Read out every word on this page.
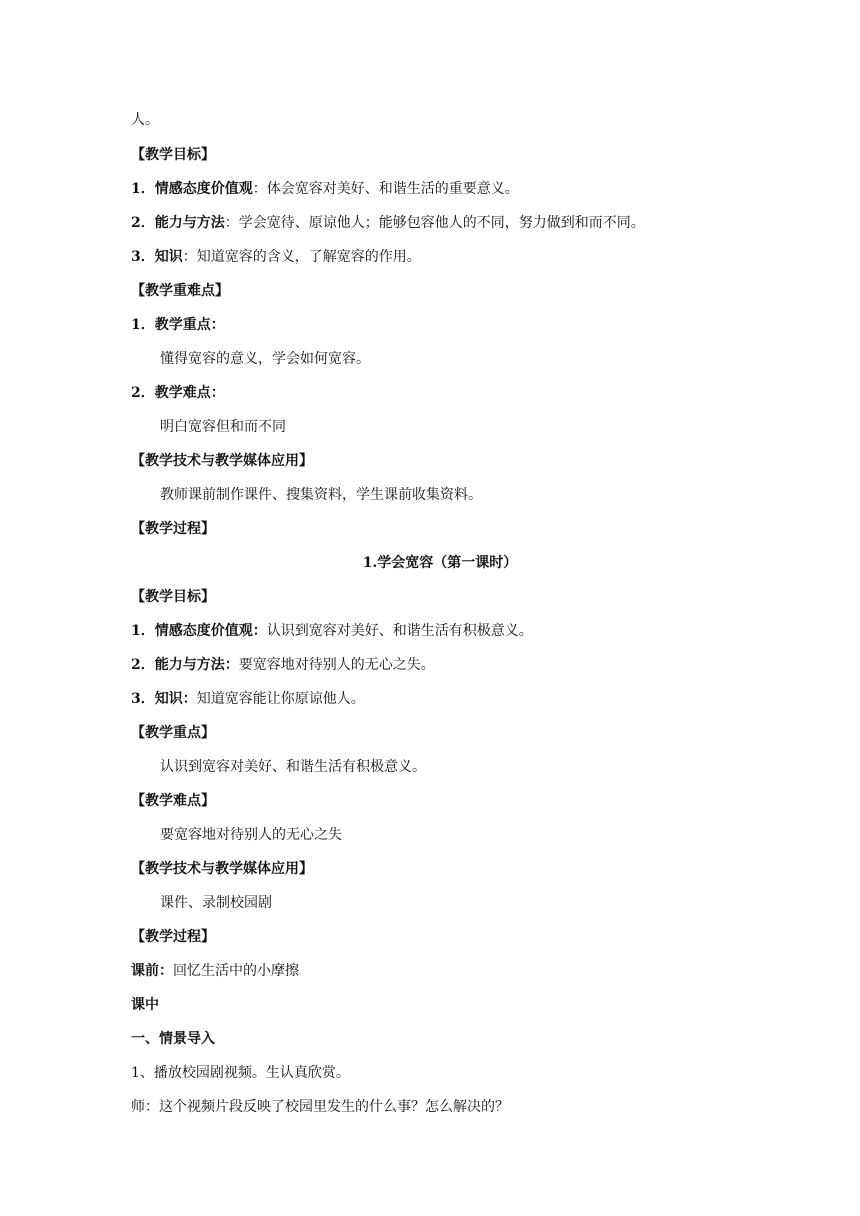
人。
【教学目标】
1．情感态度价值观：体会宽容对美好、和谐生活的重要意义。
2．能力与方法：学会宽待、原谅他人；能够包容他人的不同，努力做到和而不同。
3．知识：知道宽容的含义，了解宽容的作用。
【教学重难点】
1．教学重点：
懂得宽容的意义，学会如何宽容。
2．教学难点：
明白宽容但和而不同
【教学技术与教学媒体应用】
教师课前制作课件、搜集资料，学生课前收集资料。
【教学过程】
1.学会宽容（第一课时）
【教学目标】
1．情感态度价值观：认识到宽容对美好、和谐生活有积极意义。
2．能力与方法：要宽容地对待别人的无心之失。
3．知识：知道宽容能让你原谅他人。
【教学重点】
认识到宽容对美好、和谐生活有积极意义。
【教学难点】
要宽容地对待别人的无心之失
【教学技术与教学媒体应用】
课件、录制校园剧
【教学过程】
课前：回忆生活中的小摩擦
课中
一、情景导入
1、播放校园剧视频。生认真欣赏。
师：这个视频片段反映了校园里发生的什么事？怎么解决的？
